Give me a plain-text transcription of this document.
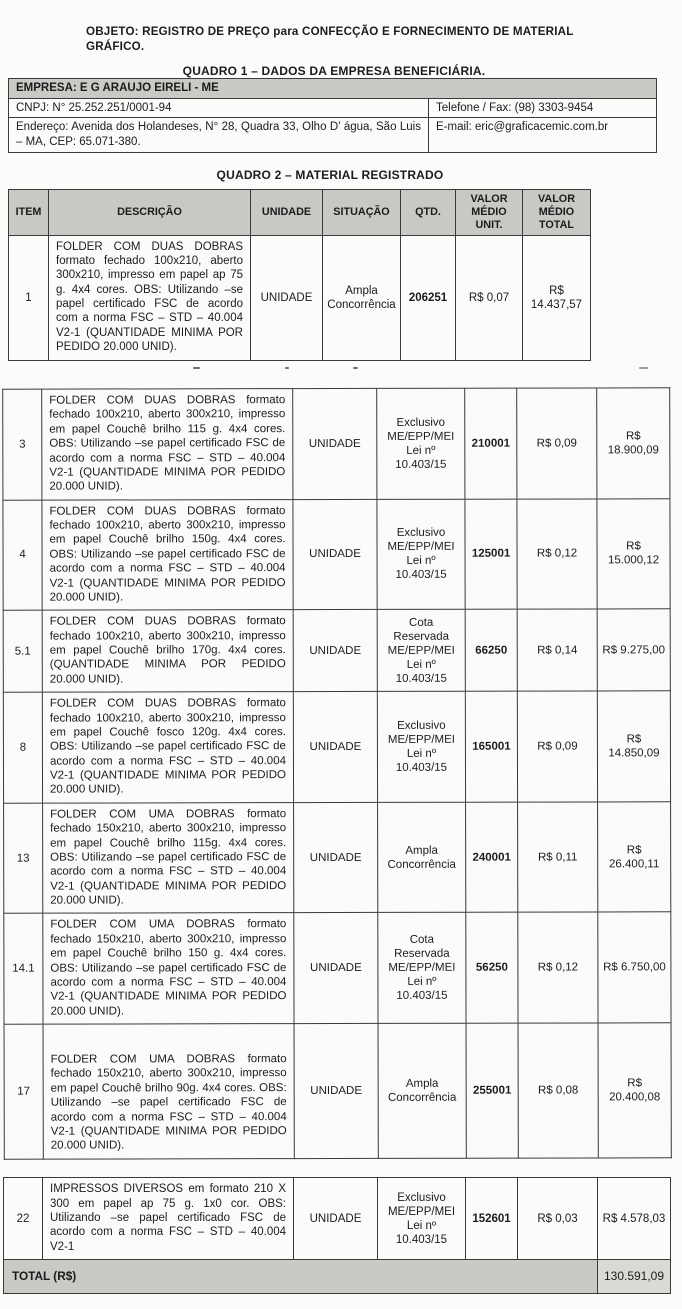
OBJETO: REGISTRO DE PREÇO para CONFECÇÃO E FORNECIMENTO DE MATERIAL GRÁFICO.

QUADRO 1 – DADOS DA EMPRESA BENEFICIÁRIA.
EMPRESA: E G ARAUJO EIRELI - ME	
CNPJ: N° 25.252.251/0001-94	Telefone / Fax: (98) 3303-9454
Endereço: Avenida dos Holandeses, N° 28, Quadra 33, Olho D' água, São Luis – MA, CEP: 65.071-380.	E-mail: eric@graficacemic.com.br
QUADRO 2 – MATERIAL REGISTRADO
ITEM	DESCRIÇÃO	UNIDADE	SITUAÇÃO	QTD.	VALOR MÉDIO UNIT.	VALOR MÉDIO TOTAL
1	FOLDER COM DUAS DOBRAS formato fechado 100x210, aberto 300x210, impresso em papel ap 75 g. 4x4 cores. OBS: Utilizando –se papel certificado FSC de acordo com a norma FSC – STD – 40.004 V2-1 (QUANTIDADE MINIMA POR PEDIDO 20.000 UNID).	UNIDADE	Ampla Concorrência	206251	R$ 0,07	R$ 14.437,57
3	FOLDER COM DUAS DOBRAS formato fechado 100x210, aberto 300x210, impresso em papel Couchê brilho 115 g. 4x4 cores. OBS: Utilizando –se papel certificado FSC de acordo com a norma FSC – STD – 40.004 V2-1 (QUANTIDADE MINIMA POR PEDIDO 20.000 UNID).	UNIDADE	Exclusivo ME/EPP/MEI Lei nº 10.403/15	210001	R$ 0,09	R$ 18.900,09
4	FOLDER COM DUAS DOBRAS formato fechado 100x210, aberto 300x210, impresso em papel Couchê brilho 150g. 4x4 cores. OBS: Utilizando –se papel certificado FSC de acordo com a norma FSC – STD – 40.004 V2-1 (QUANTIDADE MINIMA POR PEDIDO 20.000 UNID).	UNIDADE	Exclusivo ME/EPP/MEI Lei nº 10.403/15	125001	R$ 0,12	R$ 15.000,12
5.1	FOLDER COM DUAS DOBRAS formato fechado 100x210, aberto 300x210, impresso em papel Couchê brilho 170g. 4x4 cores. (QUANTIDADE MINIMA POR PEDIDO 20.000 UNID).	UNIDADE	Cota Reservada ME/EPP/MEI Lei nº 10.403/15	66250	R$ 0,14	R$ 9.275,00
8	FOLDER COM DUAS DOBRAS formato fechado 100x210, aberto 300x210, impresso em papel Couchê fosco 120g. 4x4 cores. OBS: Utilizando –se papel certificado FSC de acordo com a norma FSC – STD – 40.004 V2-1 (QUANTIDADE MINIMA POR PEDIDO 20.000 UNID).	UNIDADE	Exclusivo ME/EPP/MEI Lei nº 10.403/15	165001	R$ 0,09	R$ 14.850,09
13	FOLDER COM UMA DOBRAS formato fechado 150x210, aberto 300x210, impresso em papel Couchê brilho 115g. 4x4 cores. OBS: Utilizando –se papel certificado FSC de acordo com a norma FSC – STD – 40.004 V2-1 (QUANTIDADE MINIMA POR PEDIDO 20.000 UNID).	UNIDADE	Ampla Concorrência	240001	R$ 0,11	R$ 26.400,11
14.1	FOLDER COM UMA DOBRAS formato fechado 150x210, aberto 300x210, impresso em papel Couchê brilho 150 g. 4x4 cores. OBS: Utilizando –se papel certificado FSC de acordo com a norma FSC – STD – 40.004 V2-1 (QUANTIDADE MINIMA POR PEDIDO 20.000 UNID).	UNIDADE	Cota Reservada ME/EPP/MEI Lei nº 10.403/15	56250	R$ 0,12	R$ 6.750,00
17	FOLDER COM UMA DOBRAS formato fechado 150x210, aberto 300x210, impresso em papel Couchê brilho 90g. 4x4 cores. OBS: Utilizando –se papel certificado FSC de acordo com a norma FSC – STD – 40.004 V2-1 (QUANTIDADE MINIMA POR PEDIDO 20.000 UNID).	UNIDADE	Ampla Concorrência	255001	R$ 0,08	R$ 20.400,08
22	IMPRESSOS DIVERSOS em formato 210 X 300 em papel ap 75 g. 1x0 cor. OBS: Utilizando –se papel certificado FSC de acordo com a norma FSC – STD – 40.004 V2-1	UNIDADE	Exclusivo ME/EPP/MEI Lei nº 10.403/15	152601	R$ 0,03	R$ 4.578,03
TOTAL (R$)						130.591,09
